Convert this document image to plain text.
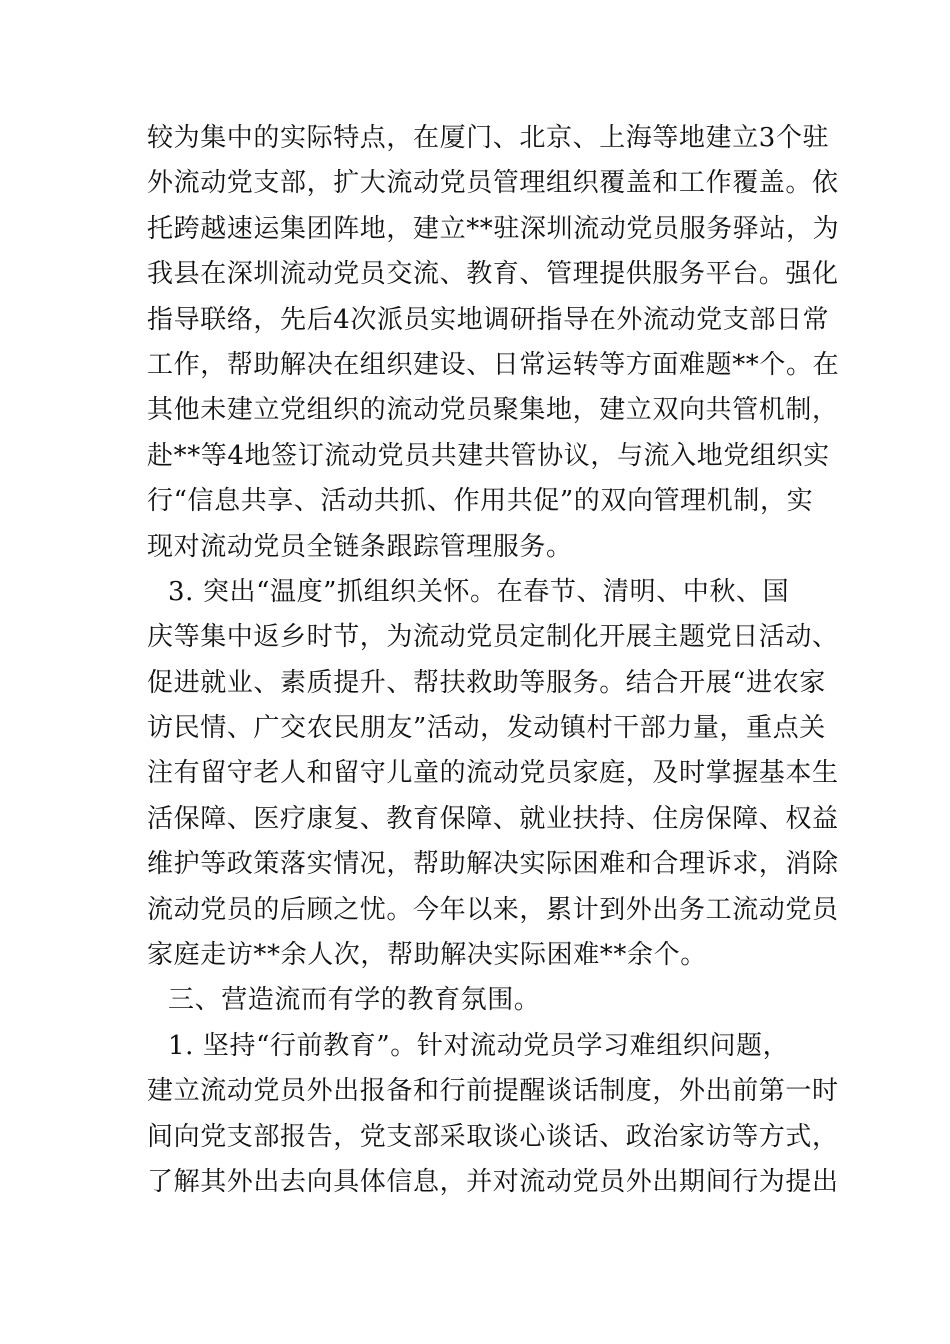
较为集中的实际特点，在厦门、北京、上海等地建立3个驻
外流动党支部，扩大流动党员管理组织覆盖和工作覆盖。依
托跨越速运集团阵地，建立**驻深圳流动党员服务驿站，为
我县在深圳流动党员交流、教育、管理提供服务平台。强化
指导联络，先后4次派员实地调研指导在外流动党支部日常
工作，帮助解决在组织建设、日常运转等方面难题**个。在
其他未建立党组织的流动党员聚集地，建立双向共管机制，
赴**等4地签订流动党员共建共管协议，与流入地党组织实
行“信息共享、活动共抓、作用共促”的双向管理机制，实
现对流动党员全链条跟踪管理服务。
3. 突出“温度”抓组织关怀。在春节、清明、中秋、国
庆等集中返乡时节，为流动党员定制化开展主题党日活动、
促进就业、素质提升、帮扶救助等服务。结合开展“进农家
访民情、广交农民朋友”活动，发动镇村干部力量，重点关
注有留守老人和留守儿童的流动党员家庭，及时掌握基本生
活保障、医疗康复、教育保障、就业扶持、住房保障、权益
维护等政策落实情况，帮助解决实际困难和合理诉求，消除
流动党员的后顾之忧。今年以来，累计到外出务工流动党员
家庭走访**余人次，帮助解决实际困难**余个。
三、营造流而有学的教育氛围。
1. 坚持“行前教育”。针对流动党员学习难组织问题，
建立流动党员外出报备和行前提醒谈话制度，外出前第一时
间向党支部报告，党支部采取谈心谈话、政治家访等方式，
了解其外出去向具体信息，并对流动党员外出期间行为提出
